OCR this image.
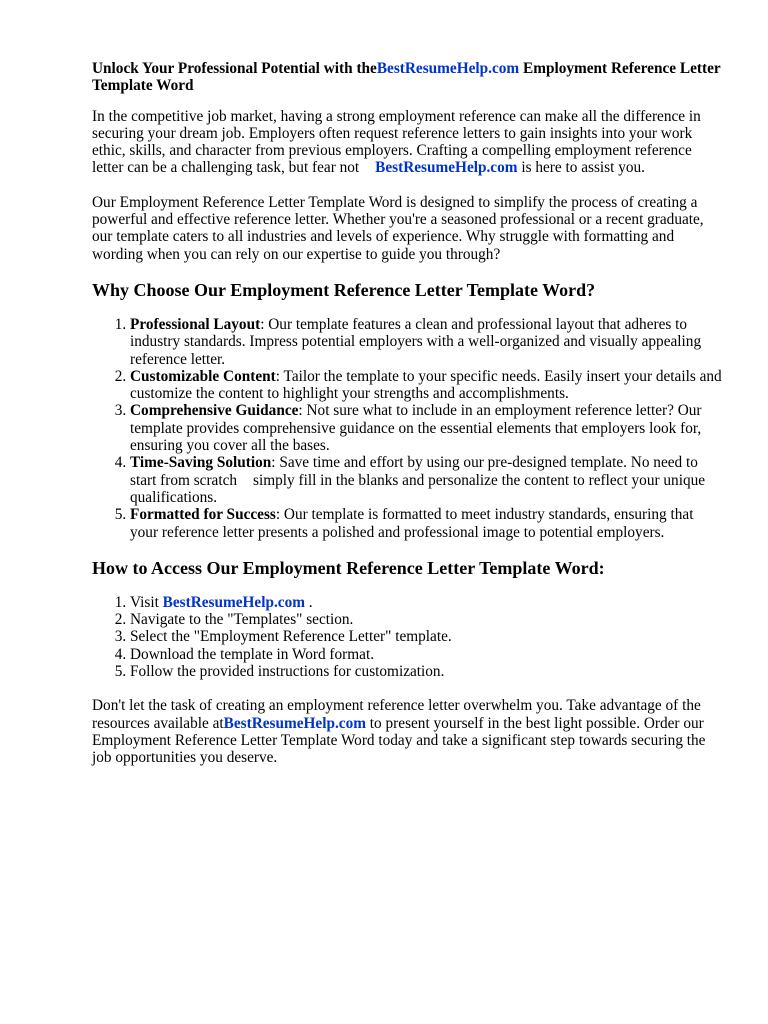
Unlock Your Professional Potential with theBestResumeHelp.com Employment Reference Letter Template Word

In the competitive job market, having a strong employment reference can make all the difference in securing your dream job. Employers often request reference letters to gain insights into your work ethic, skills, and character from previous employers. Crafting a compelling employment reference letter can be a challenging task, but fear not BestResumeHelp.com is here to assist you.

Our Employment Reference Letter Template Word is designed to simplify the process of creating a powerful and effective reference letter. Whether you're a seasoned professional or a recent graduate, our template caters to all industries and levels of experience. Why struggle with formatting and wording when you can rely on our expertise to guide you through?

Why Choose Our Employment Reference Letter Template Word?
1. Professional Layout: Our template features a clean and professional layout that adheres to industry standards. Impress potential employers with a well-organized and visually appealing reference letter.
2. Customizable Content: Tailor the template to your specific needs. Easily insert your details and customize the content to highlight your strengths and accomplishments.
3. Comprehensive Guidance: Not sure what to include in an employment reference letter? Our template provides comprehensive guidance on the essential elements that employers look for, ensuring you cover all the bases.
4. Time-Saving Solution: Save time and effort by using our pre-designed template. No need to start from scratch simply fill in the blanks and personalize the content to reflect your unique qualifications.
5. Formatted for Success: Our template is formatted to meet industry standards, ensuring that your reference letter presents a polished and professional image to potential employers.
How to Access Our Employment Reference Letter Template Word:
1. Visit BestResumeHelp.com .
2. Navigate to the "Templates" section.
3. Select the "Employment Reference Letter" template.
4. Download the template in Word format.
5. Follow the provided instructions for customization.

Don't let the task of creating an employment reference letter overwhelm you. Take advantage of the resources available atBestResumeHelp.com to present yourself in the best light possible. Order our Employment Reference Letter Template Word today and take a significant step towards securing the job opportunities you deserve.
